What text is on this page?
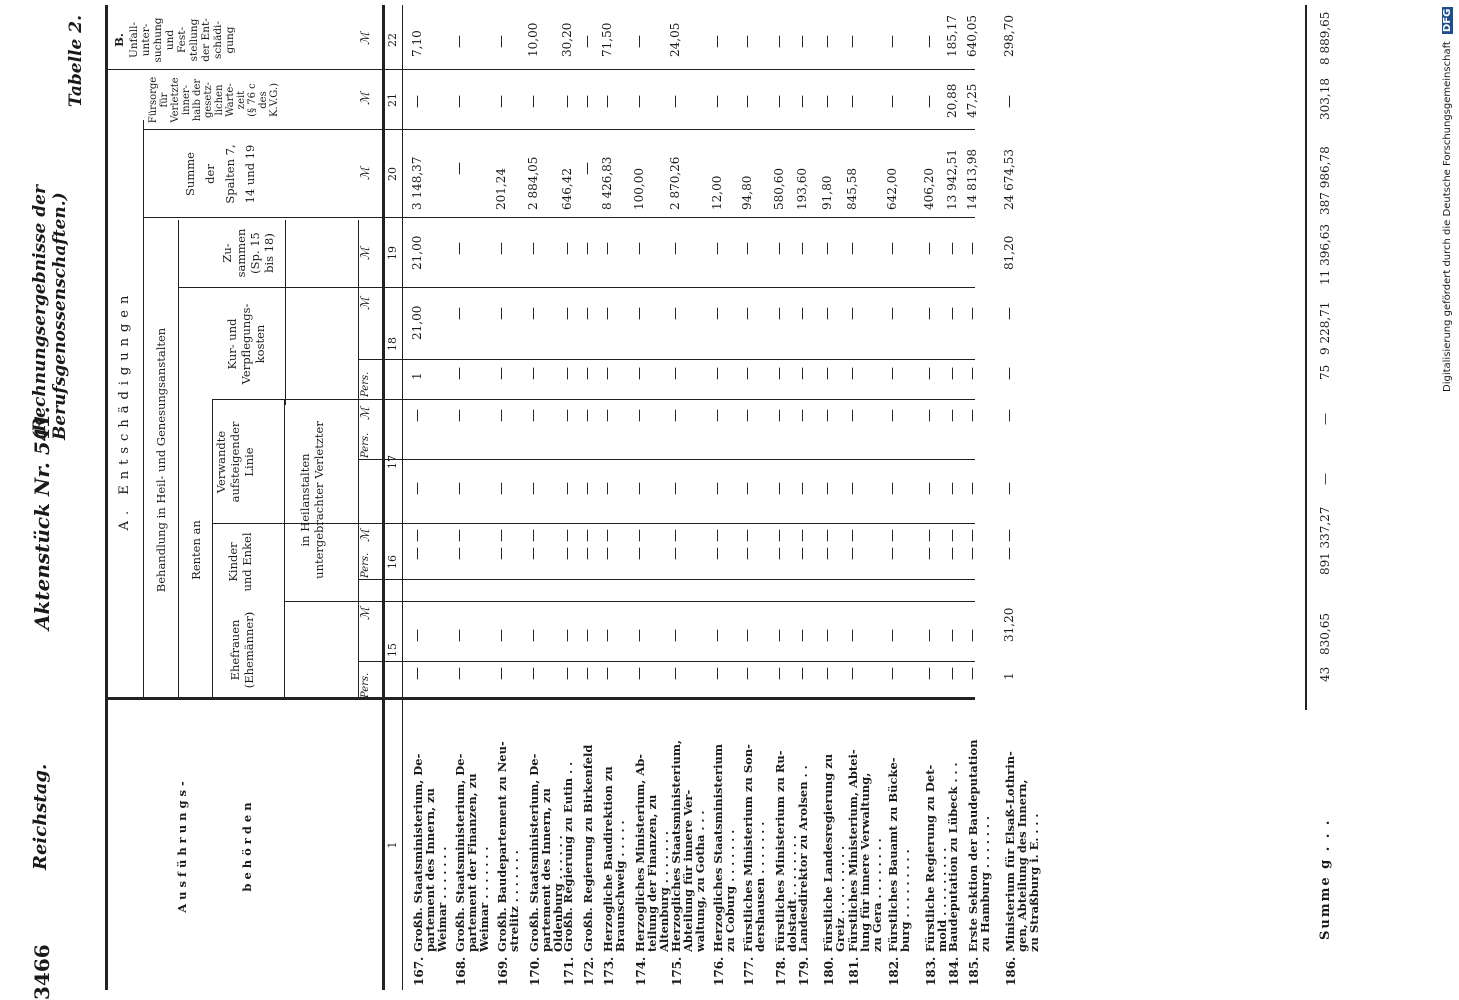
3466
Reichstag.
Aktenstück Nr. 541.
(Rechnungsergebnisse der Berufsgenossenschaften.)
Tabelle 2.
Ausführungs-	behörden
A. Entschädigungen Behandlung in Heil- und Genesungsanstalten Renten an
Ehefrauen (Ehemänner)
Kinder und Enkel
Verwandte aufsteigender Linie	in Heilanstalten untergebrachter Verletzter
Kur- und Verpflegungs- kosten
Zu- sammen (Sp. 15 bis 18)
Summe der Spalten 7, 14 und 19
Fürsorge für Verletzte inner- halb der gesetz- lichen Warte- zeit (§ 76 c des K.V.G.)
B. Unfall- unter- suchung und Fest- stellung der Ent- schädi- gung
Pers.
ℳ
Pers.
ℳ
Pers.
ℳ
Pers.
ℳ
ℳ
ℳ
ℳ
ℳ
1
15
16
17
18
19
20
21
22
167.
Großh. Staatsministerium, De-
partement des Innern, zu
Weimar . . . . . . .
—
—
—
—
—
—
1
21,00
21,00
3 148,37
—
7,10
168.
Großh. Staatsministerium, De-
partement der Finanzen, zu
Weimar . . . . . . .
—
—
—
—
—
—
—
—
—
—
—
—
169.
Großh. Baudepartement zu Neu-
strelitz . . . . . . .
—
—
—
—
—
—
—
—
—
201,24
—
—
170.
Großh. Staatsministerium, De-
partement des Innern, zu
Oldenburg . . . . . .
—
—
—
—
—
—
—
—
—
2 884,05
—
10,00
171.
Großh. Regierung zu Eutin . .
—
—
—
—
—
—
—
—
—
646,42
—
30,20
172.
Großh. Regierung zu Birkenfeld
—
—
—
—
—
—
—
—
—
—
—
—
173.
Herzogliche Baudirektion zu
Braunschweig . . . . .
—
—
—
—
—
—
—
—
—
8 426,83
—
71,50
174.
Herzogliches Ministerium, Ab-
teilung der Finanzen, zu
Altenburg . . . . . . .
—
—
—
—
—
—
—
—
—
100,00
—
—
175.
Herzogliches Staatsministerium,
Abteilung für innere Ver-
waltung, zu Gotha . . .
—
—
—
—
—
—
—
—
—
2 870,26
—
24,05
176.
Herzogliches Staatsministerium
zu Coburg . . . . . . .
—
—
—
—
—
—
—
—
—
12,00
—
—
177.
Fürstliches Ministerium zu Son-
dershausen . . . . . . .
—
—
—
—
—
—
—
—
—
94,80
—
—
178.
Fürstliches Ministerium zu Ru-
dolstadt . . . . . . . .
—
—
—
—
—
—
—
—
—
580,60
—
—
179.
Landesdirektor zu Arolsen . .
—
—
—
—
—
—
—
—
—
193,60
—
—
180.
Fürstliche Landesregierung zu
Greiz . . . . . . . . .
—
—
—
—
—
—
—
—
—
91,80
—
—
181.
Fürstliches Ministerium, Abtei-
lung für innere Verwaltung,
zu Gera . . . . . . . .
—
—
—
—
—
—
—
—
—
845,58
—
—
182.
Fürstliches Bauamt zu Bücke-
burg . . . . . . . . .
—
—
—
—
—
—
—
—
—
642,00
—
—
183.
Fürstliche Regierung zu Det-
mold . . . . . . . . .
—
—
—
—
—
—
—
—
—
406,20
—
—
184.
Baudeputation zu Lübeck . . .
—
—
—
—
—
—
—
—
—
13 942,51
20,88
185,17
185.
Erste Sektion der Baudeputation
zu Hamburg . . . . . . .
—
—
—
—
—
—
—
—
—
14 813,98
47,25
640,05
186.
Ministerium für Elsaß-Lothrin-
gen, Abteilung des Innern,
zu Straßburg i. E. . . .
1
31,20
—
—
—
—
—
—
81,20
24 674,53
—
298,70
Summe g . . .
43
830,65
89
1 337,27
—
—
75
9 228,71
11 396,63
387 986,78
303,18
8 889,65
Digitalisierung gefördert durch die Deutsche Forschungsgemeinschaft DFG
